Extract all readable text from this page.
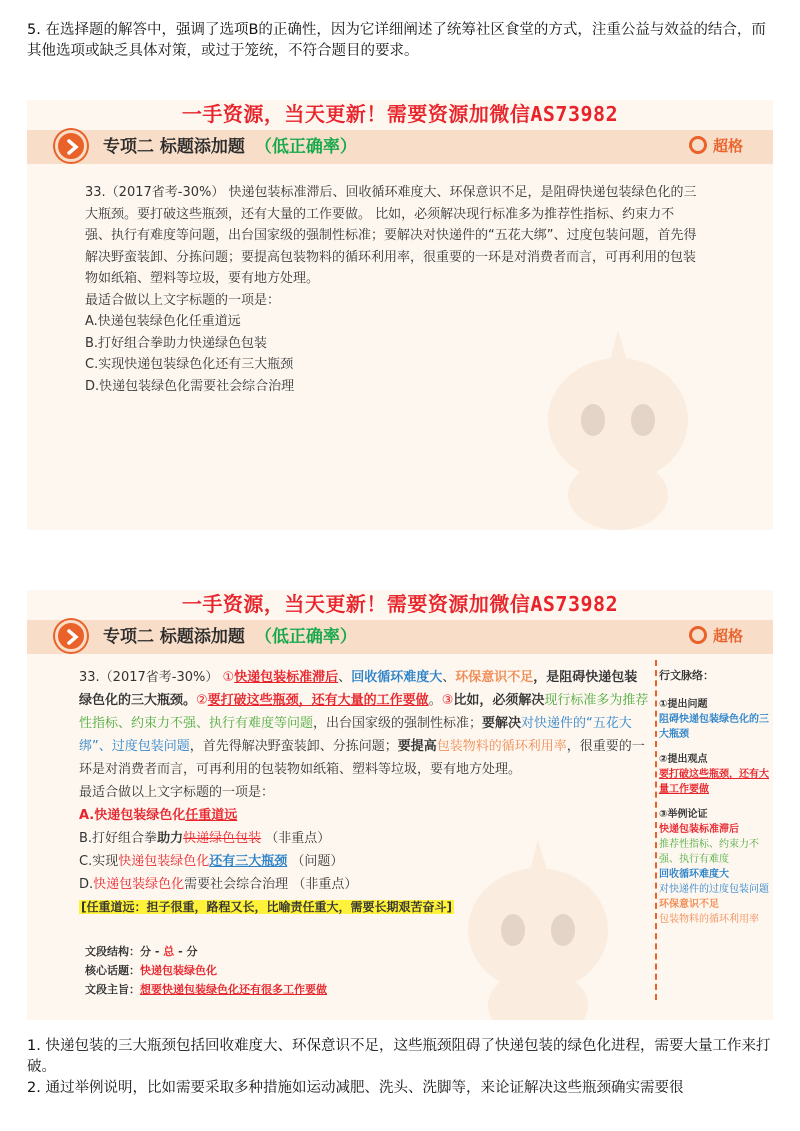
5. 在选择题的解答中，强调了选项B的正确性，因为它详细阐述了统筹社区食堂的方式，注重公益与效益的结合，而其他选项或缺乏具体对策，或过于笼统，不符合题目的要求。
一手资源，当天更新！需要资源加微信AS73982
专项二 标题添加题 （低正确率）	超格

33.（2017省考-30%） 快递包装标准滞后、回收循环难度大、环保意识不足，是阻碍快递包装绿色化的三大瓶颈。要打破这些瓶颈，还有大量的工作要做。 比如，必须解决现行标准多为推荐性指标、约束力不强、执行有难度等问题，出台国家级的强制性标准；要解决对快递件的“五花大绑”、过度包装问题，首先得解决野蛮装卸、分拣问题；要提高包装物料的循环利用率，很重要的一环是对消费者而言，可再利用的包装物如纸箱、塑料等垃圾，要有地方处理。

最适合做以上文字标题的一项是：

A.快递包装绿色化任重道远
B.打好组合拳助力快递绿色包装
C.实现快递包装绿色化还有三大瓶颈
D.快递包装绿色化需要社会综合治理
一手资源，当天更新！需要资源加微信AS73982
专项二 标题添加题 （低正确率）	超格

33.（2017省考-30%） ①快递包装标准滞后、回收循环难度大、环保意识不足，是阻碍快递包装绿色化的三大瓶颈。②要打破这些瓶颈，还有大量的工作要做。③比如，必须解决现行标准多为推荐性指标、约束力不强、执行有难度等问题，出台国家级的强制性标准；要解决对快递件的“五花大绑”、过度包装问题，首先得解决野蛮装卸、分拣问题；要提高包装物料的循环利用率，很重要的一环是对消费者而言，可再利用的包装物如纸箱、塑料等垃圾，要有地方处理。

最适合做以上文字标题的一项是：

A.快递包装绿色化任重道远

B.打好组合拳助力快递绿色包装 （非重点）

C.实现快递包装绿色化还有三大瓶颈 （问题）

D.快递包装绿色化需要社会综合治理 （非重点）

[任重道远：担子很重，路程又长，比喻责任重大，需要长期艰苦奋斗]

文段结构：分 - 总 - 分
核心话题：快递包装绿色化
文段主旨：想要快递包装绿色化还有很多工作要做
行文脉络：
①提出问题
阻碍快递包装绿色化的三大瓶颈
②提出观点
要打破这些瓶颈，还有大量工作要做
③举例论证
快递包装标准滞后
推荐性指标、约束力不强、执行有难度
回收循环难度大
对快递件的过度包装问题
环保意识不足
包装物料的循环利用率

1. 快递包装的三大瓶颈包括回收难度大、环保意识不足，这些瓶颈阻碍了快递包装的绿色化进程，需要大量工作来打破。

2. 通过举例说明，比如需要采取多种措施如运动减肥、洗头、洗脚等，来论证解决这些瓶颈确实需要很
